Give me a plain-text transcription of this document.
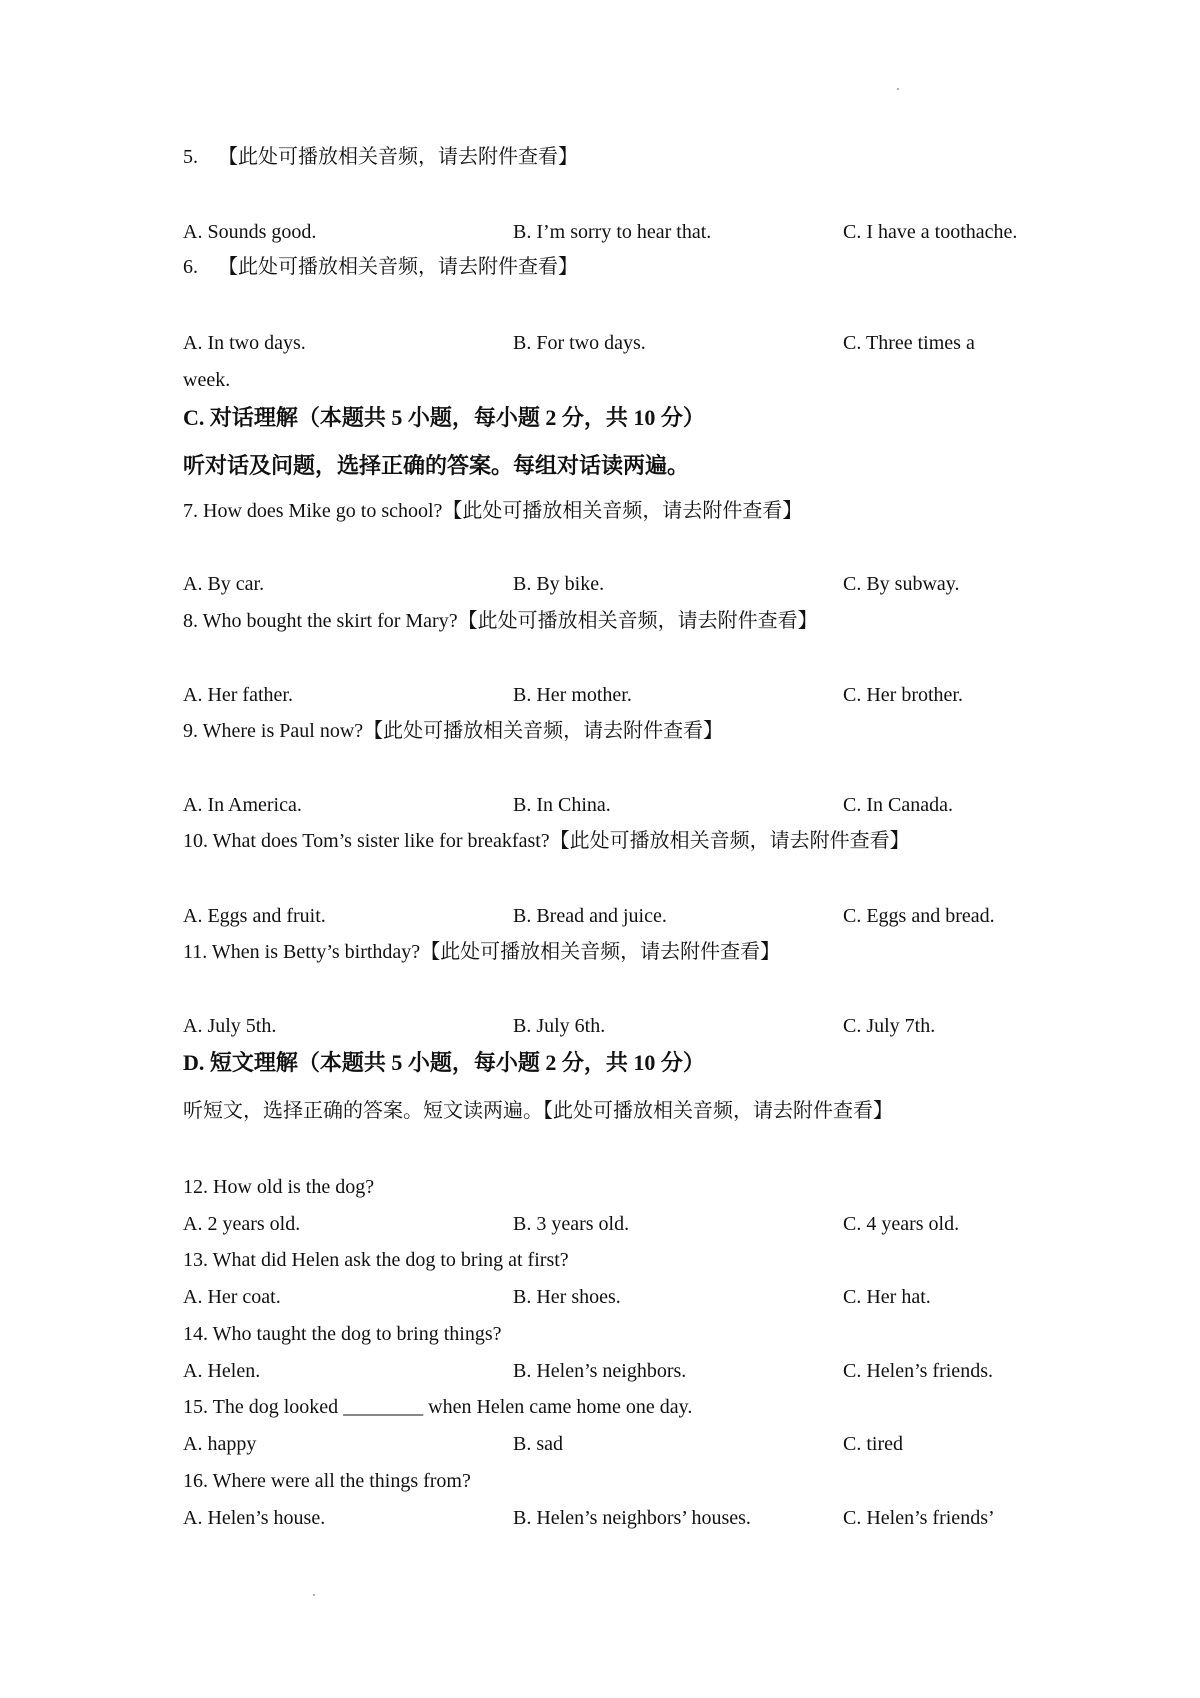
5. 【此处可播放相关音频，请去附件查看】
A. Sounds good.	B. I’m sorry to hear that.	C. I have a toothache.
6. 【此处可播放相关音频，请去附件查看】
A. In two days.	B. For two days.	C. Three times a
week.
C. 对话理解（本题共 5 小题，每小题 2 分，共 10 分）
听对话及问题，选择正确的答案。每组对话读两遍。
7. How does Mike go to school?【此处可播放相关音频，请去附件查看】
A. By car.	B. By bike.	C. By subway.
8. Who bought the skirt for Mary?【此处可播放相关音频，请去附件查看】
A. Her father.	B. Her mother.	C. Her brother.
9. Where is Paul now?【此处可播放相关音频，请去附件查看】
A. In America.	B. In China.	C. In Canada.
10. What does Tom’s sister like for breakfast?【此处可播放相关音频，请去附件查看】
A. Eggs and fruit.	B. Bread and juice.	C. Eggs and bread.
11. When is Betty’s birthday?【此处可播放相关音频，请去附件查看】
A. July 5th.	B. July 6th.	C. July 7th.
D. 短文理解（本题共 5 小题，每小题 2 分，共 10 分）
听短文，选择正确的答案。短文读两遍。【此处可播放相关音频，请去附件查看】
12. How old is the dog?
A. 2 years old.	B. 3 years old.	C. 4 years old.
13. What did Helen ask the dog to bring at first?
A. Her coat.	B. Her shoes.	C. Her hat.
14. Who taught the dog to bring things?
A. Helen.	B. Helen’s neighbors.	C. Helen’s friends.
15. The dog looked ________ when Helen came home one day.
A. happy	B. sad	C. tired
16. Where were all the things from?
A. Helen’s house.	B. Helen’s neighbors’ houses.	C. Helen’s friends’
